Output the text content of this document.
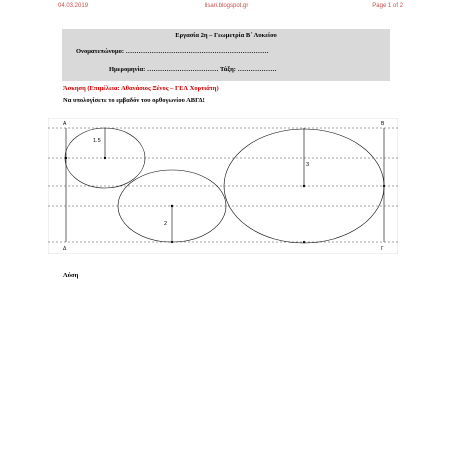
04.03.2019	lisari.blogspot.gr	Page 1 of 2
Εργασία 2η – Γεωμετρία Β΄ Λυκείου
Ονοματεπώνυμο: …………………………………………………………
Ημερομηνία: …………………………… Τάξη: ………………
Άσκηση (Επιμέλεια: Αθανάσιος Ξένος – ΓΕΛ Χορτιάτη)
Να υπολογίσετε το εμβαδόν του ορθογωνίου ΑΒΓΔ!
1.5
2
3
Α	Β
Γ
Δ
Λύση
